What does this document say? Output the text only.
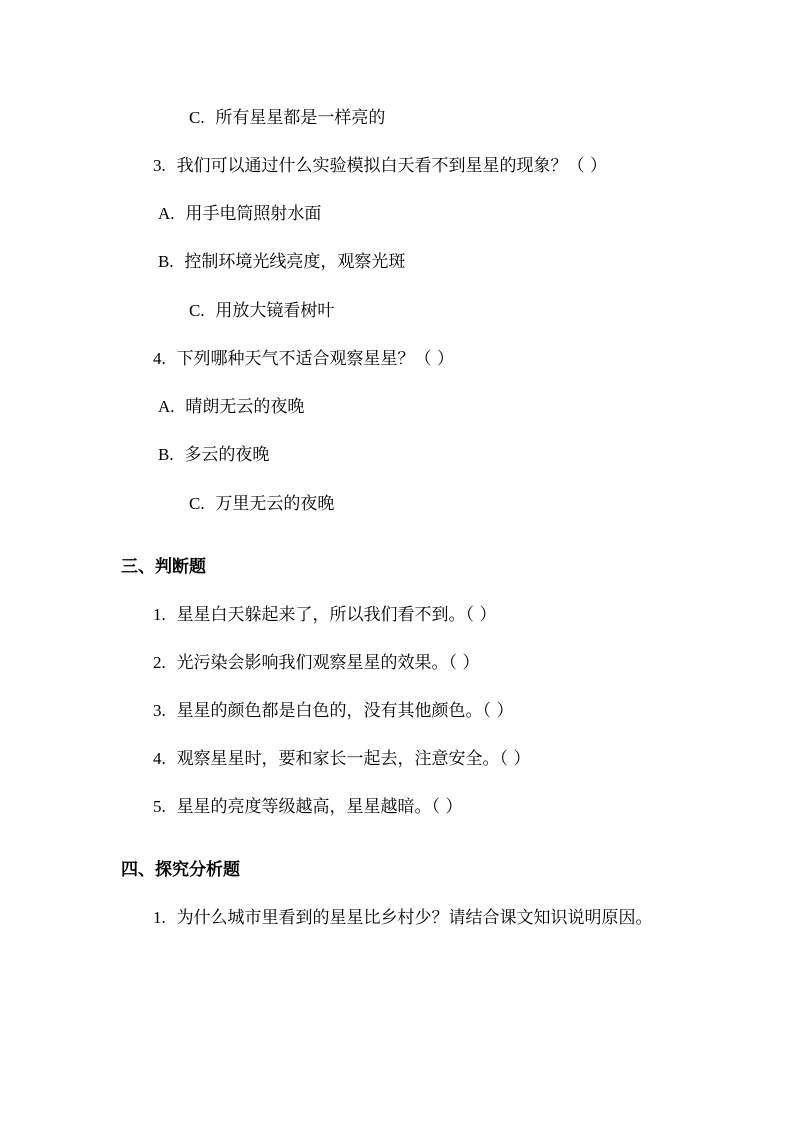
C. 所有星星都是一样亮的
3. 我们可以通过什么实验模拟白天看不到星星的现象？（ ）
A. 用手电筒照射水面
B. 控制环境光线亮度，观察光斑
C. 用放大镜看树叶
4. 下列哪种天气不适合观察星星？（ ）
A. 晴朗无云的夜晚
B. 多云的夜晚
C. 万里无云的夜晚
三、判断题
1. 星星白天躲起来了，所以我们看不到。（ ）
2. 光污染会影响我们观察星星的效果。（ ）
3. 星星的颜色都是白色的，没有其他颜色。（ ）
4. 观察星星时，要和家长一起去，注意安全。（ ）
5. 星星的亮度等级越高，星星越暗。（ ）
四、探究分析题
1. 为什么城市里看到的星星比乡村少？请结合课文知识说明原因。
